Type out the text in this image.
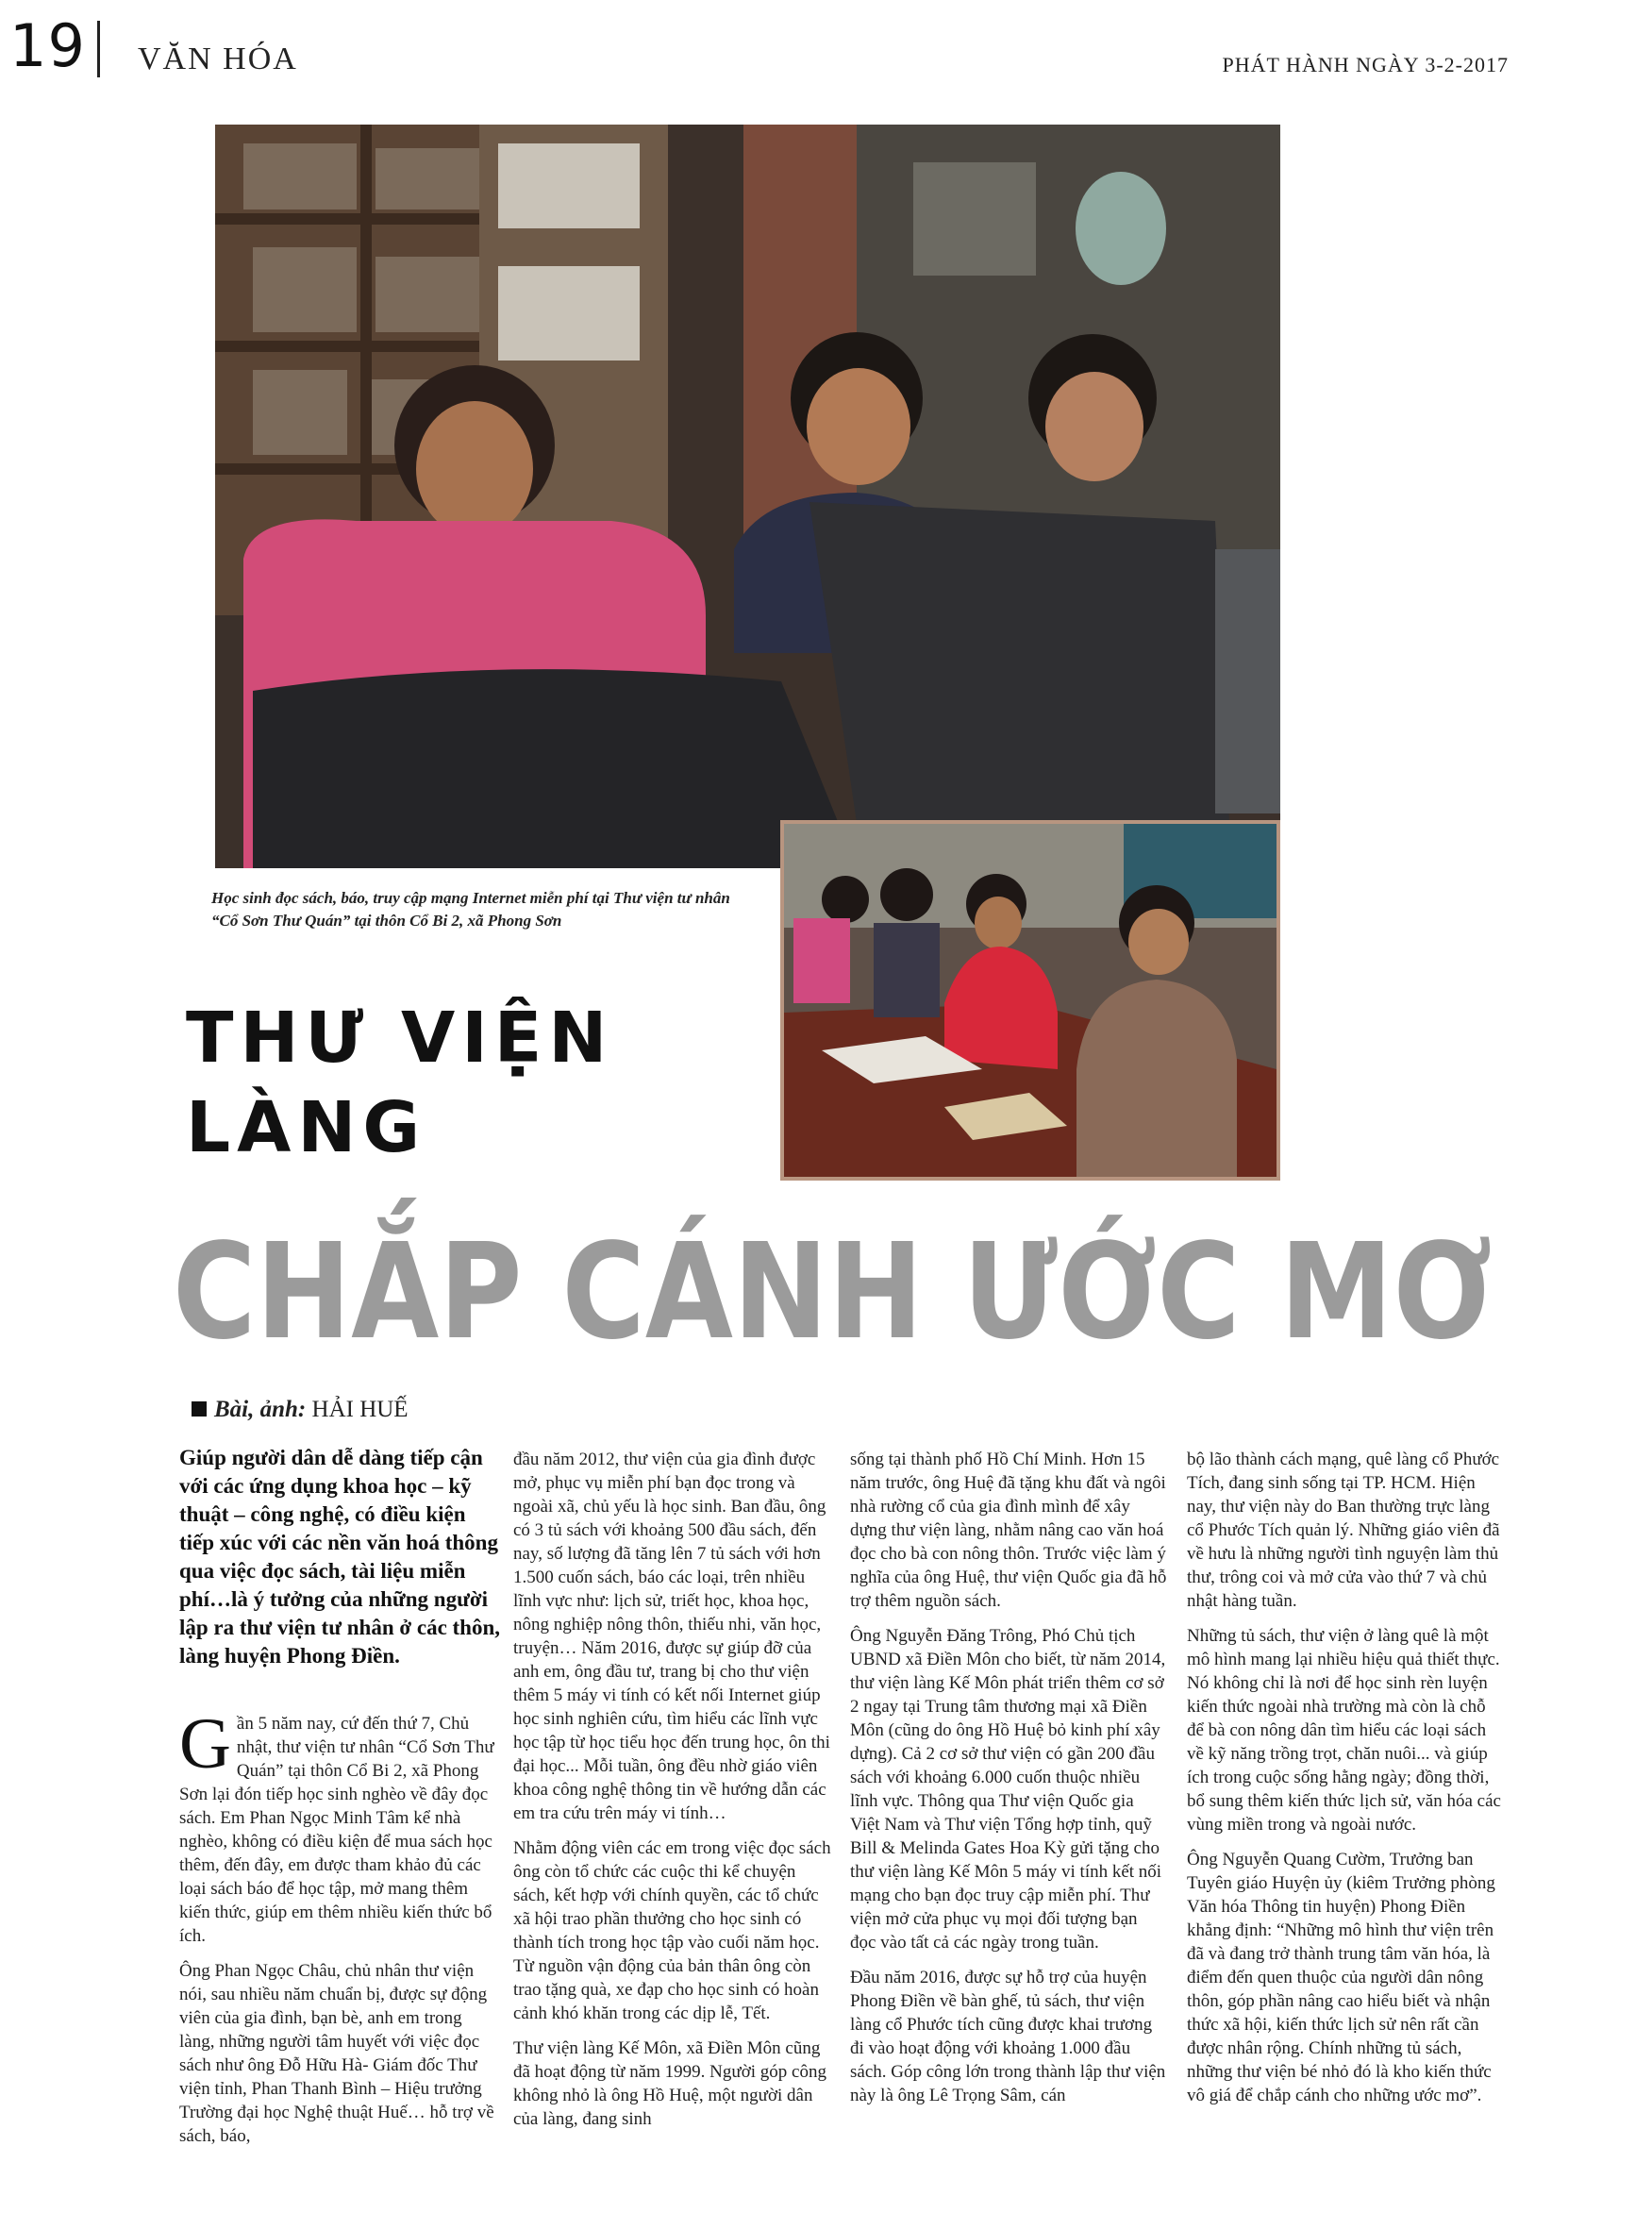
19 VĂN HÓA	PHÁT HÀNH NGÀY 3-2-2017
Học sinh đọc sách, báo, truy cập mạng Internet miễn phí tại Thư viện tư nhân “Cổ Sơn Thư Quán” tại thôn Cổ Bi 2, xã Phong Sơn
THƯ VIỆN
LÀNG
CHẮP CÁNH ƯỚC MƠ
Bài, ảnh: HẢI HUẾ

Giúp người dân dễ dàng tiếp cận với các ứng dụng khoa học – kỹ thuật – công nghệ, có điều kiện tiếp xúc với các nền văn hoá thông qua việc đọc sách, tài liệu miễn phí…là ý tưởng của những người lập ra thư viện tư nhân ở các thôn, làng huyện Phong Điền.

Gần 5 năm nay, cứ đến thứ 7, Chủ nhật, thư viện tư nhân “Cổ Sơn Thư Quán” tại thôn Cổ Bi 2, xã Phong Sơn lại đón tiếp học sinh nghèo về đây đọc sách. Em Phan Ngọc Minh Tâm kể nhà nghèo, không có điều kiện để mua sách học thêm, đến đây, em được tham khảo đủ các loại sách báo để học tập, mở mang thêm kiến thức, giúp em thêm nhiều kiến thức bổ ích.

Ông Phan Ngọc Châu, chủ nhân thư viện nói, sau nhiều năm chuẩn bị, được sự động viên của gia đình, bạn bè, anh em trong làng, những người tâm huyết với việc đọc sách như ông Đỗ Hữu Hà- Giám đốc Thư viện tỉnh, Phan Thanh Bình – Hiệu trưởng Trường đại học Nghệ thuật Huế… hỗ trợ về sách, báo,

đầu năm 2012, thư viện của gia đình được mở, phục vụ miễn phí bạn đọc trong và ngoài xã, chủ yếu là học sinh. Ban đầu, ông có 3 tủ sách với khoảng 500 đầu sách, đến nay, số lượng đã tăng lên 7 tủ sách với hơn 1.500 cuốn sách, báo các loại, trên nhiều lĩnh vực như: lịch sử, triết học, khoa học, nông nghiệp nông thôn, thiếu nhi, văn học, truyện… Năm 2016, được sự giúp đỡ của anh em, ông đầu tư, trang bị cho thư viện thêm 5 máy vi tính có kết nối Internet giúp học sinh nghiên cứu, tìm hiểu các lĩnh vực học tập từ học tiểu học đến trung học, ôn thi đại học... Mỗi tuần, ông đều nhờ giáo viên khoa công nghệ thông tin về hướng dẫn các em tra cứu trên máy vi tính…

Nhằm động viên các em trong việc đọc sách ông còn tổ chức các cuộc thi kể chuyện sách, kết hợp với chính quyền, các tổ chức xã hội trao phần thưởng cho học sinh có thành tích trong học tập vào cuối năm học. Từ nguồn vận động của bản thân ông còn trao tặng quà, xe đạp cho học sinh có hoàn cảnh khó khăn trong các dịp lễ, Tết.

Thư viện làng Kế Môn, xã Điền Môn cũng đã hoạt động từ năm 1999. Người góp công không nhỏ là ông Hồ Huệ, một người dân của làng, đang sinh

sống tại thành phố Hồ Chí Minh. Hơn 15 năm trước, ông Huệ đã tặng khu đất và ngôi nhà rường cổ của gia đình mình để xây dựng thư viện làng, nhằm nâng cao văn hoá đọc cho bà con nông thôn. Trước việc làm ý nghĩa của ông Huệ, thư viện Quốc gia đã hỗ trợ thêm nguồn sách.

Ông Nguyễn Đăng Trông, Phó Chủ tịch UBND xã Điền Môn cho biết, từ năm 2014, thư viện làng Kế Môn phát triển thêm cơ sở 2 ngay tại Trung tâm thương mại xã Điền Môn (cũng do ông Hồ Huệ bỏ kinh phí xây dựng). Cả 2 cơ sở thư viện có gần 200 đầu sách với khoảng 6.000 cuốn thuộc nhiều lĩnh vực. Thông qua Thư viện Quốc gia Việt Nam và Thư viện Tổng hợp tỉnh, quỹ Bill & Melinda Gates Hoa Kỳ gửi tặng cho thư viện làng Kế Môn 5 máy vi tính kết nối mạng cho bạn đọc truy cập miễn phí. Thư viện mở cửa phục vụ mọi đối tượng bạn đọc vào tất cả các ngày trong tuần.

Đầu năm 2016, được sự hỗ trợ của huyện Phong Điền về bàn ghế, tủ sách, thư viện làng cổ Phước tích cũng được khai trương đi vào hoạt động với khoảng 1.000 đầu sách. Góp công lớn trong thành lập thư viện này là ông Lê Trọng Sâm, cán

bộ lão thành cách mạng, quê làng cổ Phước Tích, đang sinh sống tại TP. HCM. Hiện nay, thư viện này do Ban thường trực làng cổ Phước Tích quản lý. Những giáo viên đã về hưu là những người tình nguyện làm thủ thư, trông coi và mở cửa vào thứ 7 và chủ nhật hàng tuần.

Những tủ sách, thư viện ở làng quê là một mô hình mang lại nhiều hiệu quả thiết thực. Nó không chỉ là nơi để học sinh rèn luyện kiến thức ngoài nhà trường mà còn là chỗ để bà con nông dân tìm hiểu các loại sách về kỹ năng trồng trọt, chăn nuôi... và giúp ích trong cuộc sống hằng ngày; đồng thời, bổ sung thêm kiến thức lịch sử, văn hóa các vùng miền trong và ngoài nước.

Ông Nguyễn Quang Cườm, Trưởng ban Tuyên giáo Huyện ủy (kiêm Trưởng phòng Văn hóa Thông tin huyện) Phong Điền khẳng định: “Những mô hình thư viện trên đã và đang trở thành trung tâm văn hóa, là điểm đến quen thuộc của người dân nông thôn, góp phần nâng cao hiểu biết và nhận thức xã hội, kiến thức lịch sử nên rất cần được nhân rộng. Chính những tủ sách, những thư viện bé nhỏ đó là kho kiến thức vô giá để chắp cánh cho những ước mơ”.
